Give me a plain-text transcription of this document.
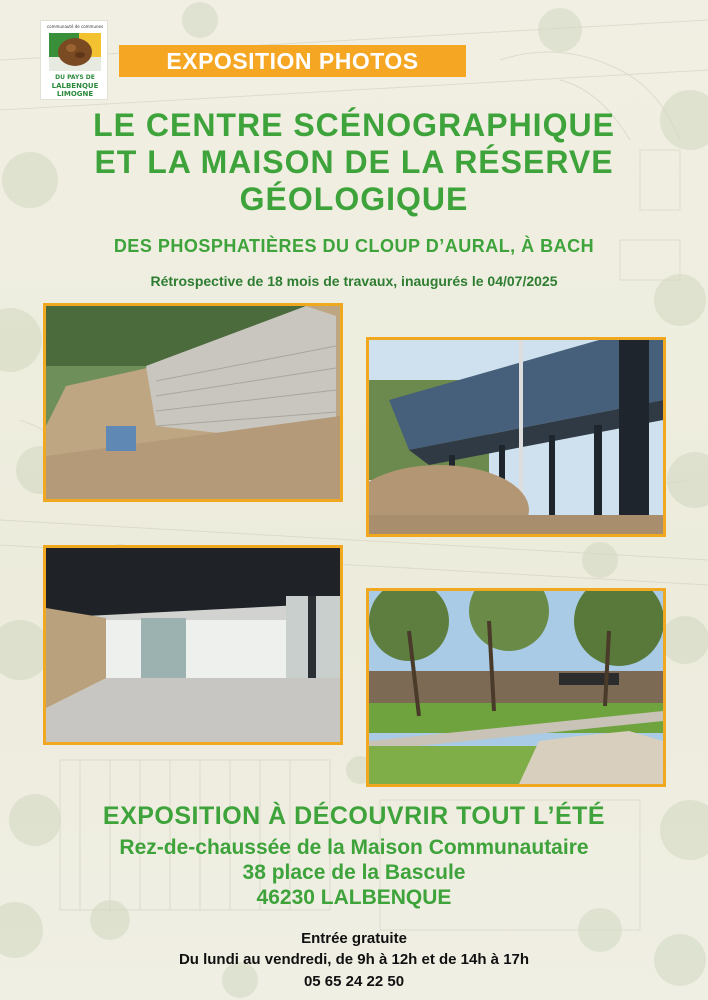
communauté de communes
DU PAYS DE
LALBENQUE
LIMOGNE
EXPOSITION PHOTOS
LE CENTRE SCÉNOGRAPHIQUE
ET LA MAISON DE LA RÉSERVE
GÉOLOGIQUE
DES PHOSPHATIÈRES DU CLOUP D’AURAL, À BACH
Rétrospective de 18 mois de travaux, inaugurés le 04/07/2025
EXPOSITION À DÉCOUVRIR TOUT L’ÉTÉ
Rez-de-chaussée de la Maison Communautaire
38 place de la Bascule
46230 LALBENQUE
Entrée gratuite
Du lundi au vendredi, de 9h à 12h et de 14h à 17h
05 65 24 22 50
